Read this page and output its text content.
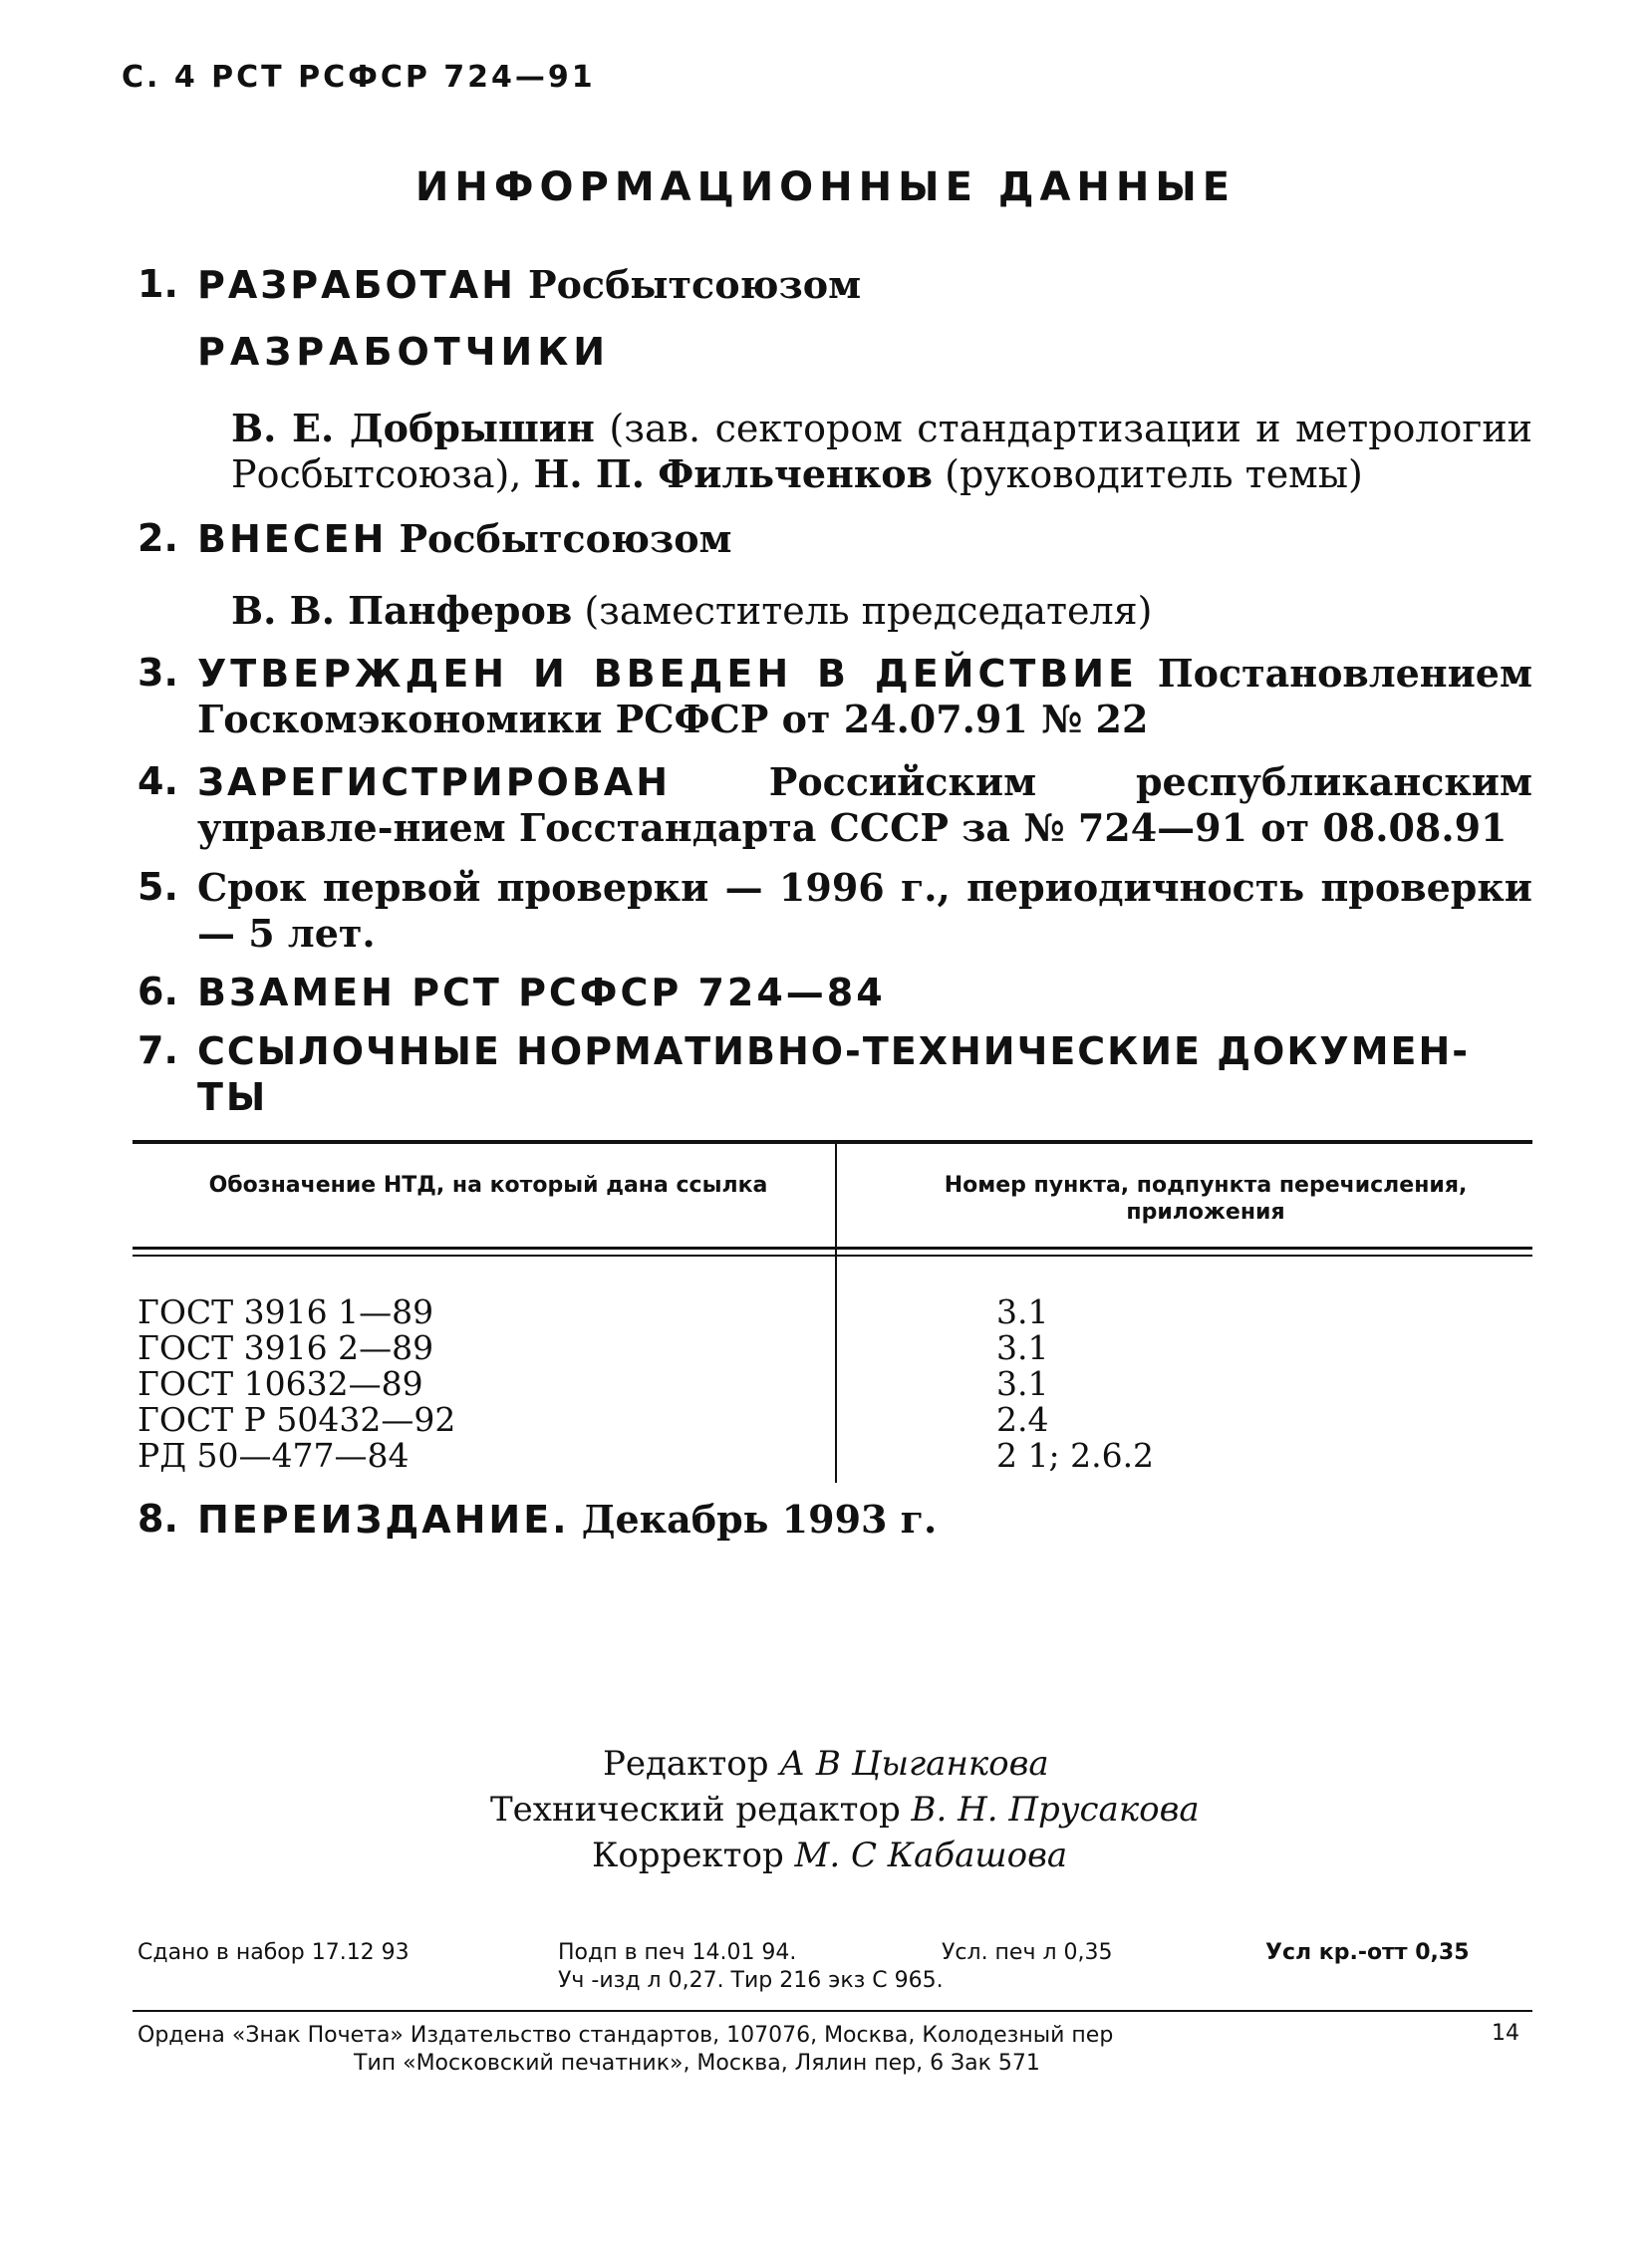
С. 4 РСТ РСФСР 724—91
ИНФОРМАЦИОННЫЕ ДАННЫЕ
1. РАЗРАБОТАН Росбытсоюзом
РАЗРАБОТЧИКИ
В. Е. Добрышин (зав. сектором стандартизации и метрологии Росбытсоюза), Н. П. Фильченков (руководитель темы)
2. ВНЕСЕН Росбытсоюзом
В. В. Панферов (заместитель председателя)
3. УТВЕРЖДЕН И ВВЕДЕН В ДЕЙСТВИЕ Постановлением Госкомэкономики РСФСР от 24.07.91 № 22
4. ЗАРЕГИСТРИРОВАН	Российским республиканским управле-нием Госстандарта СССР за № 724—91 от 08.08.91
5. Срок первой проверки — 1996 г., периодичность проверки — 5 лет.
6. ВЗАМЕН РСТ РСФСР 724—84
7. ССЫЛОЧНЫЕ НОРМАТИВНО-ТЕХНИЧЕСКИЕ ДОКУМЕН-
ТЫ
Обозначение НТД, на который дана ссылка	Номер пункта, подпункта перечисления, приложения
ГОСТ 3916 1—89	3.1
ГОСТ 3916 2—89	3.1
ГОСТ 10632—89	3.1
ГОСТ Р 50432—92	2.4
РД 50—477—84	2 1; 2.6.2
8. ПЕРЕИЗДАНИЕ. Декабрь 1993 г.
Редактор А В Цыганкова
Технический редактор В. Н. Прусакова
Корректор М. С Кабашова
Сдано в набор 17.12 93	Подп в печ 14.01 94.	Усл. печ л 0,35	Усл кр.-отт 0,35
Уч -изд л 0,27. Тир 216 экз С 965.
Ордена «Знак Почета» Издательство стандартов, 107076, Москва, Колодезный пер	14
Тип «Московский печатник», Москва, Лялин пер, 6 Зак 571
